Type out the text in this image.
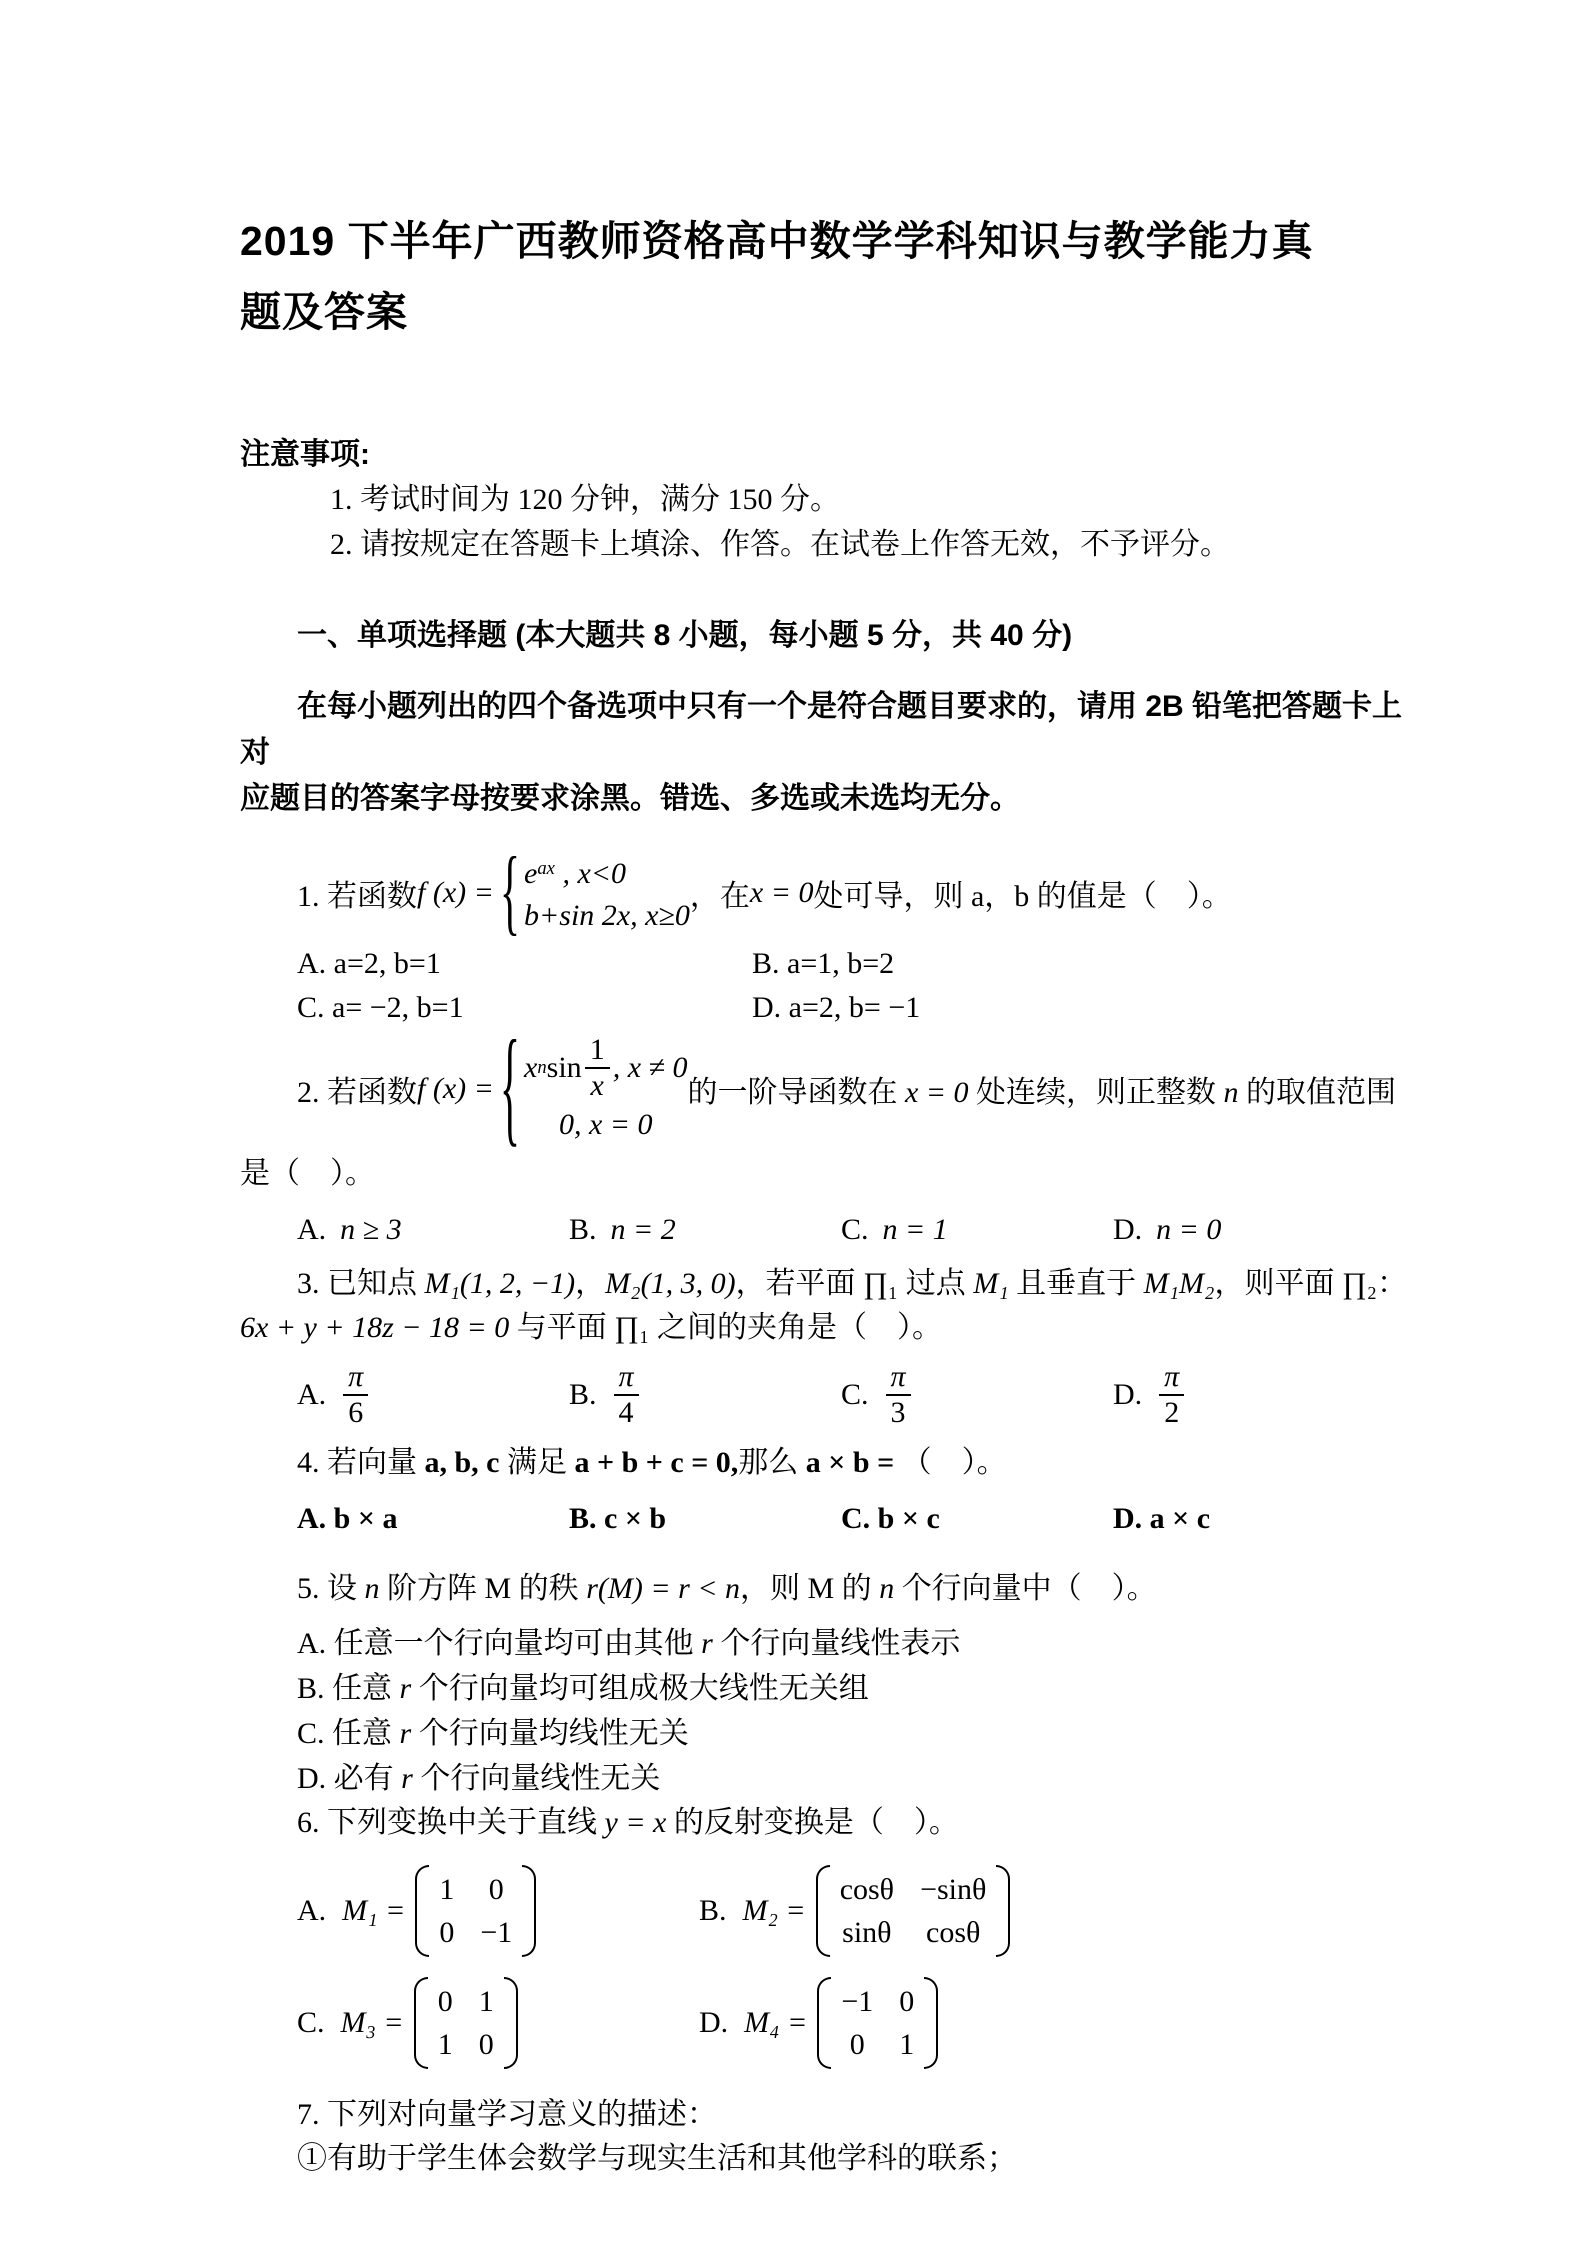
2019 下半年广西教师资格高中数学学科知识与教学能力真
题及答案
注意事项:
1. 考试时间为 120 分钟，满分 150 分。
2. 请按规定在答题卡上填涂、作答。在试卷上作答无效，不予评分。
一、单项选择题 (本大题共 8 小题，每小题 5 分，共 40 分)
在每小题列出的四个备选项中只有一个是符合题目要求的，请用 2B 铅笔把答题卡上对
应题目的答案字母按要求涂黑。错选、多选或未选均无分。
1. 若函数 f (x) = { $e^{ax}$ , x<0
b+sin 2x, x≥0
，在 x = 0 处可导，则 a，b 的值是（　）。
A. a=2, b=1	B. a=1, b=2
C. a= −2, b=1	D. a=2, b= −1
2. 若函数 f (x) = { x n $\sin \frac{1}{x}$ , x ≠ 0
0, x = 0
的一阶导函数在 x = 0 处连续，则正整数 n 的取值范围
是（　）。
A. n ≥ 3	B. n = 2	C. n = 1	D. n = 0
3. 已知点 M₁(1, 2, −1)，M₂(1, 3, 0)，若平面 ∏₁ 过点 M₁ 且垂直于 M₁M₂，则平面 ∏₂：
6x + y + 18z − 18 = 0 与平面 ∏₁ 之间的夹角是（　）。
A. $\frac{\pi}{6}$	B. $\frac{\pi}{4}$	C. $\frac{\pi}{3}$	D. $\frac{\pi}{2}$
4. 若向量 a, b, c 满足 a + b + c = 0,那么 a × b = （　）。
A. b × a	B. c × b	C. b × c	D. a × c
5. 设 n 阶方阵 M 的秩 r(M) = r < n，则 M 的 n 个行向量中（　）。
A. 任意一个行向量均可由其他 r 个行向量线性表示
B. 任意 r 个行向量均可组成极大线性无关组
C. 任意 r 个行向量均线性无关
D. 必有 r 个行向量线性无关
6. 下列变换中关于直线 y = x 的反射变换是（　）。
A. M₁ =
1 0
0 −1
B. M₂ =
cosθ −sinθ
sinθ cosθ
C. M₃ =
0 1
1 0
D. M₄ =
−1 0
0 1
7. 下列对向量学习意义的描述：
①有助于学生体会数学与现实生活和其他学科的联系；
